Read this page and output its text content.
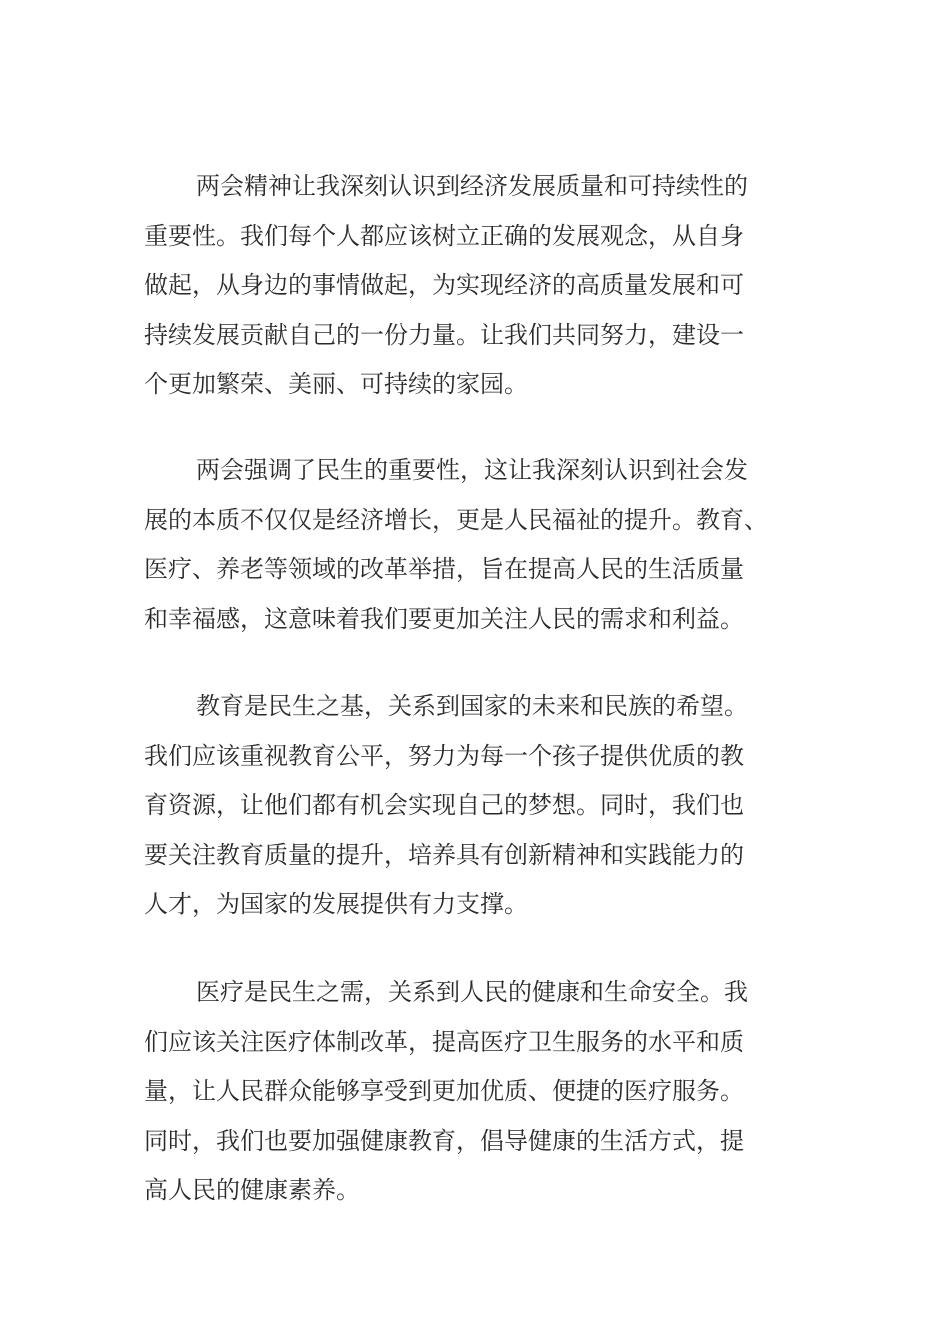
两会精神让我深刻认识到经济发展质量和可持续性的
重要性。我们每个人都应该树立正确的发展观念，从自身
做起，从身边的事情做起，为实现经济的高质量发展和可
持续发展贡献自己的一份力量。让我们共同努力，建设一
个更加繁荣、美丽、可持续的家园。
两会强调了民生的重要性，这让我深刻认识到社会发
展的本质不仅仅是经济增长，更是人民福祉的提升。教育、
医疗、养老等领域的改革举措，旨在提高人民的生活质量
和幸福感，这意味着我们要更加关注人民的需求和利益。
教育是民生之基，关系到国家的未来和民族的希望。
我们应该重视教育公平，努力为每一个孩子提供优质的教
育资源，让他们都有机会实现自己的梦想。同时，我们也
要关注教育质量的提升，培养具有创新精神和实践能力的
人才，为国家的发展提供有力支撑。
医疗是民生之需，关系到人民的健康和生命安全。我
们应该关注医疗体制改革，提高医疗卫生服务的水平和质
量，让人民群众能够享受到更加优质、便捷的医疗服务。
同时，我们也要加强健康教育，倡导健康的生活方式，提
高人民的健康素养。
